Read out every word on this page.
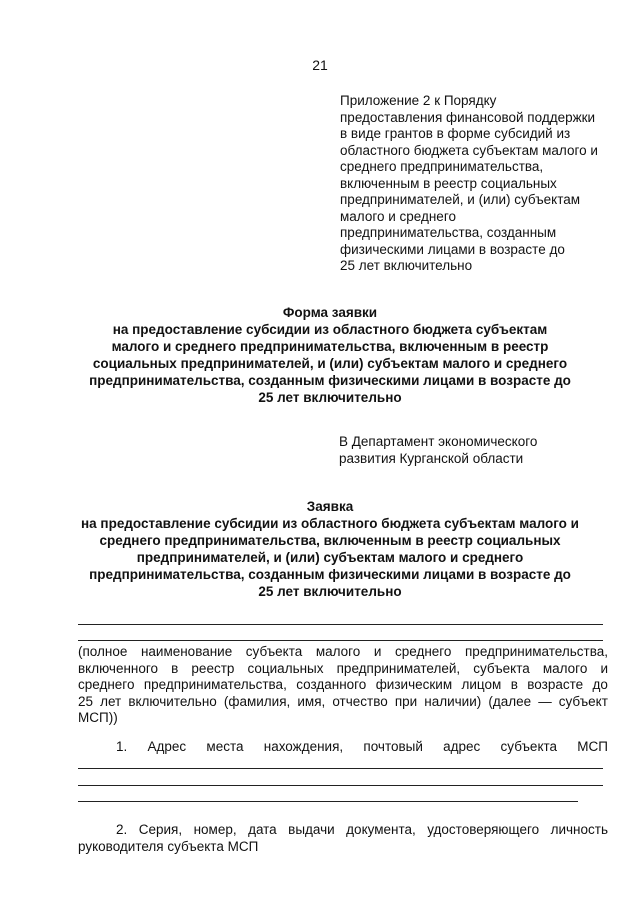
21
Приложение 2 к Порядку
предоставления финансовой поддержки
в виде грантов в форме субсидий из
областного бюджета субъектам малого и
среднего предпринимательства,
включенным в реестр социальных
предпринимателей, и (или) субъектам
малого и среднего
предпринимательства, созданным
физическими лицами в возрасте до
25 лет включительно
Форма заявки
на предоставление субсидии из областного бюджета субъектам
малого и среднего предпринимательства, включенным в реестр
социальных предпринимателей, и (или) субъектам малого и среднего
предпринимательства, созданным физическими лицами в возрасте до
25 лет включительно
В Департамент экономического
развития Курганской области
Заявка
на предоставление субсидии из областного бюджета субъектам малого и
среднего предпринимательства, включенным в реестр социальных
предпринимателей, и (или) субъектам малого и среднего
предпринимательства, созданным физическими лицами в возрасте до
25 лет включительно
(полное наименование субъекта малого и среднего предпринимательства,
включенного в реестр социальных предпринимателей, субъекта малого и
среднего предпринимательства, созданного физическим лицом в возрасте до
25 лет включительно (фамилия, имя, отчество при наличии) (далее — субъект
МСП))
1. Адрес места нахождения, почтовый адрес субъекта МСП
2. Серия, номер, дата выдачи документа, удостоверяющего личность
руководителя субъекта МСП
